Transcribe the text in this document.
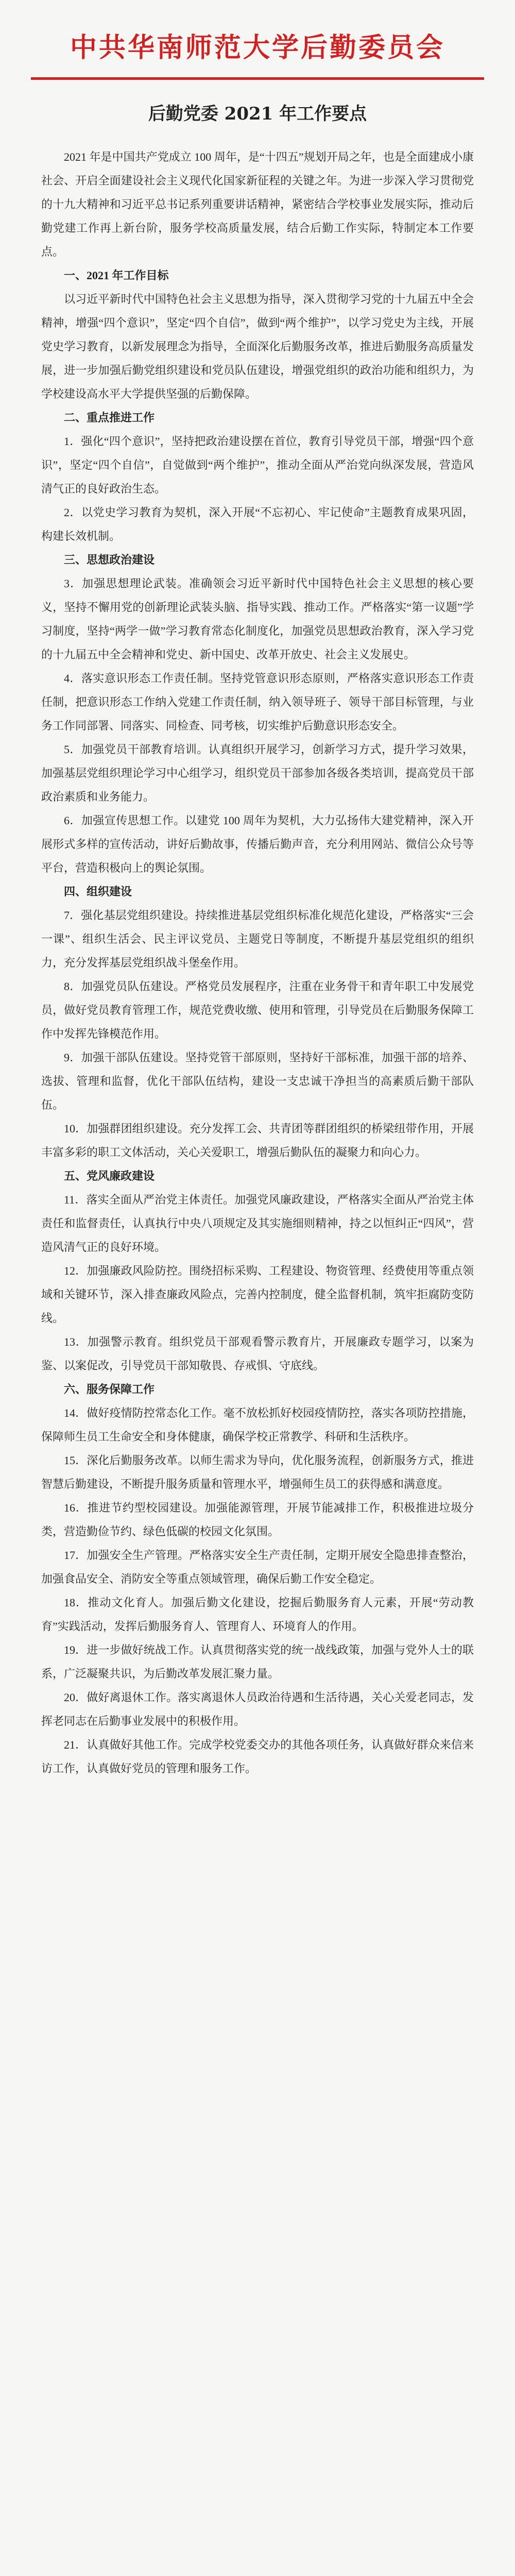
中共华南师范大学后勤委员会
后勤党委 2021 年工作要点

2021 年是中国共产党成立 100 周年，是“十四五”规划开局之年，也是全面建成小康社会、开启全面建设社会主义现代化国家新征程的关键之年。为进一步深入学习贯彻党的十九大精神和习近平总书记系列重要讲话精神，紧密结合学校事业发展实际，推动后勤党建工作再上新台阶，服务学校高质量发展，结合后勤工作实际，特制定本工作要点。

一、2021 年工作目标

以习近平新时代中国特色社会主义思想为指导，深入贯彻学习党的十九届五中全会精神，增强“四个意识”，坚定“四个自信”，做到“两个维护”，以学习党史为主线，开展党史学习教育，以新发展理念为指导，全面深化后勤服务改革，推进后勤服务高质量发展，进一步加强后勤党组织建设和党员队伍建设，增强党组织的政治功能和组织力，为学校建设高水平大学提供坚强的后勤保障。

二、重点推进工作

1．强化“四个意识”，坚持把政治建设摆在首位，教育引导党员干部，增强“四个意识”，坚定“四个自信”，自觉做到“两个维护”，推动全面从严治党向纵深发展，营造风清气正的良好政治生态。

2．以党史学习教育为契机，深入开展“不忘初心、牢记使命”主题教育成果巩固，构建长效机制。

三、思想政治建设

3．加强思想理论武装。准确领会习近平新时代中国特色社会主义思想的核心要义，坚持不懈用党的创新理论武装头脑、指导实践、推动工作。严格落实“第一议题”学习制度，坚持“两学一做”学习教育常态化制度化，加强党员思想政治教育，深入学习党的十九届五中全会精神和党史、新中国史、改革开放史、社会主义发展史。

4．落实意识形态工作责任制。坚持党管意识形态原则，严格落实意识形态工作责任制，把意识形态工作纳入党建工作责任制，纳入领导班子、领导干部目标管理，与业务工作同部署、同落实、同检查、同考核，切实维护后勤意识形态安全。

5．加强党员干部教育培训。认真组织开展学习，创新学习方式，提升学习效果，加强基层党组织理论学习中心组学习，组织党员干部参加各级各类培训，提高党员干部政治素质和业务能力。

6．加强宣传思想工作。以建党 100 周年为契机，大力弘扬伟大建党精神，深入开展形式多样的宣传活动，讲好后勤故事，传播后勤声音，充分利用网站、微信公众号等平台，营造积极向上的舆论氛围。

四、组织建设

7．强化基层党组织建设。持续推进基层党组织标准化规范化建设，严格落实“三会一课”、组织生活会、民主评议党员、主题党日等制度，不断提升基层党组织的组织力，充分发挥基层党组织战斗堡垒作用。

8．加强党员队伍建设。严格党员发展程序，注重在业务骨干和青年职工中发展党员，做好党员教育管理工作，规范党费收缴、使用和管理，引导党员在后勤服务保障工作中发挥先锋模范作用。

9．加强干部队伍建设。坚持党管干部原则，坚持好干部标准，加强干部的培养、选拔、管理和监督，优化干部队伍结构，建设一支忠诚干净担当的高素质后勤干部队伍。

10．加强群团组织建设。充分发挥工会、共青团等群团组织的桥梁纽带作用，开展丰富多彩的职工文体活动，关心关爱职工，增强后勤队伍的凝聚力和向心力。

五、党风廉政建设

11．落实全面从严治党主体责任。加强党风廉政建设，严格落实全面从严治党主体责任和监督责任，认真执行中央八项规定及其实施细则精神，持之以恒纠正“四风”，营造风清气正的良好环境。

12．加强廉政风险防控。围绕招标采购、工程建设、物资管理、经费使用等重点领域和关键环节，深入排查廉政风险点，完善内控制度，健全监督机制，筑牢拒腐防变防线。

13．加强警示教育。组织党员干部观看警示教育片，开展廉政专题学习，以案为鉴、以案促改，引导党员干部知敬畏、存戒惧、守底线。

六、服务保障工作

14．做好疫情防控常态化工作。毫不放松抓好校园疫情防控，落实各项防控措施，保障师生员工生命安全和身体健康，确保学校正常教学、科研和生活秩序。

15．深化后勤服务改革。以师生需求为导向，优化服务流程，创新服务方式，推进智慧后勤建设，不断提升服务质量和管理水平，增强师生员工的获得感和满意度。

16．推进节约型校园建设。加强能源管理，开展节能减排工作，积极推进垃圾分类，营造勤俭节约、绿色低碳的校园文化氛围。

17．加强安全生产管理。严格落实安全生产责任制，定期开展安全隐患排查整治，加强食品安全、消防安全等重点领域管理，确保后勤工作安全稳定。

18．推动文化育人。加强后勤文化建设，挖掘后勤服务育人元素，开展“劳动教育”实践活动，发挥后勤服务育人、管理育人、环境育人的作用。

19．进一步做好统战工作。认真贯彻落实党的统一战线政策，加强与党外人士的联系，广泛凝聚共识，为后勤改革发展汇聚力量。

20．做好离退休工作。落实离退休人员政治待遇和生活待遇，关心关爱老同志，发挥老同志在后勤事业发展中的积极作用。

21．认真做好其他工作。完成学校党委交办的其他各项任务，认真做好群众来信来访工作，认真做好党员的管理和服务工作。
